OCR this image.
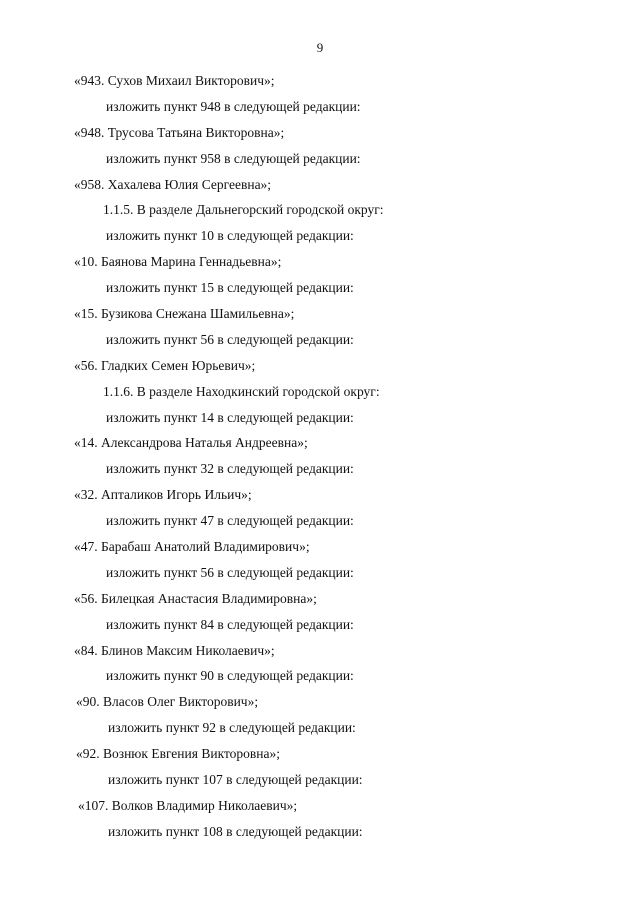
9
«943. Сухов Михаил Викторович»;
изложить пункт 948 в следующей редакции:
«948. Трусова Татьяна Викторовна»;
изложить пункт 958 в следующей редакции:
«958. Хахалева Юлия Сергеевна»;
1.1.5. В разделе Дальнегорский городской округ:
изложить пункт 10 в следующей редакции:
«10. Баянова Марина Геннадьевна»;
изложить пункт 15 в следующей редакции:
«15. Бузикова Снежана Шамильевна»;
изложить пункт 56 в следующей редакции:
«56. Гладких Семен Юрьевич»;
1.1.6. В разделе Находкинский городской округ:
изложить пункт 14 в следующей редакции:
«14. Александрова Наталья Андреевна»;
изложить пункт 32 в следующей редакции:
«32. Апталиков Игорь Ильич»;
изложить пункт 47 в следующей редакции:
«47. Барабаш Анатолий Владимирович»;
изложить пункт 56 в следующей редакции:
«56. Билецкая Анастасия Владимировна»;
изложить пункт 84 в следующей редакции:
«84. Блинов Максим Николаевич»;
изложить пункт 90 в следующей редакции:
«90. Власов Олег Викторович»;
изложить пункт 92 в следующей редакции:
«92. Вознюк Евгения Викторовна»;
изложить пункт 107 в следующей редакции:
«107. Волков Владимир Николаевич»;
изложить пункт 108 в следующей редакции:
